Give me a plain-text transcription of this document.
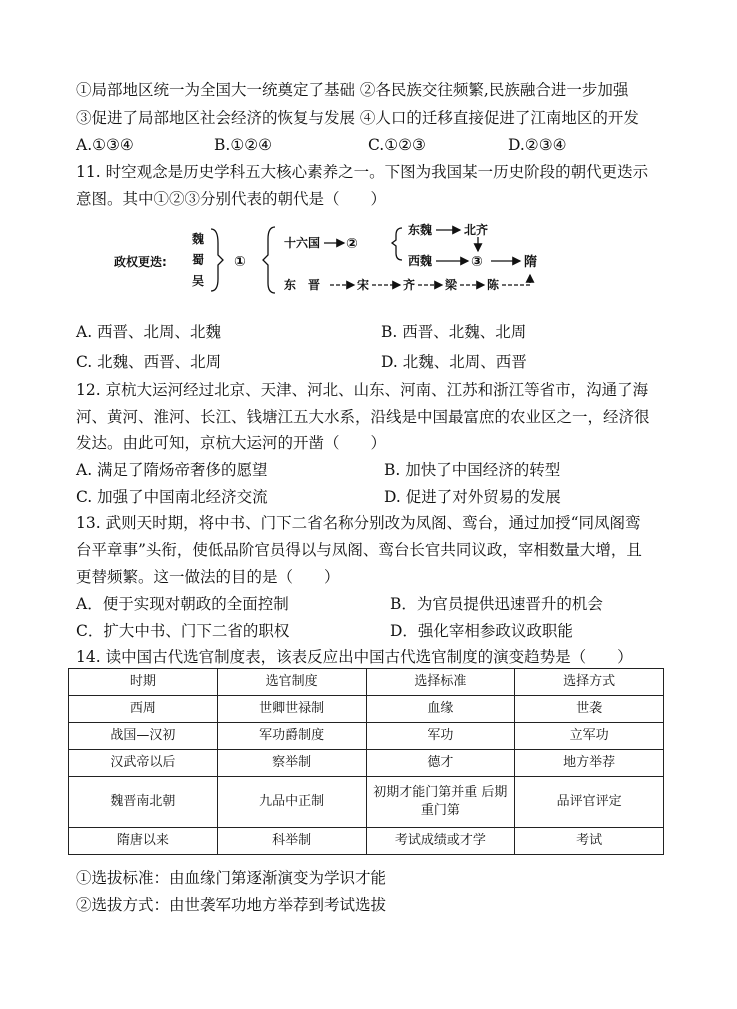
①局部地区统一为全国大一统奠定了基础 ②各民族交往频繁,民族融合进一步加强
③促进了局部地区社会经济的恢复与发展 ④人口的迁移直接促进了江南地区的开发
A.①③④	B.①②④	C.①②③	D.②③④
11. 时空观念是历史学科五大核心素养之一。下图为我国某一历史阶段的朝代更迭示
意图。其中①②③分别代表的朝代是（　　）
政权更迭:
魏
蜀
吴
①
十六国 ②
东魏	北齐
西魏	③	隋
东　晋	宋	齐 梁 陈
A. 西晋、北周、北魏	B. 西晋、北魏、北周
C. 北魏、西晋、北周	D. 北魏、北周、西晋
12. 京杭大运河经过北京、天津、河北、山东、河南、江苏和浙江等省市，沟通了海
河、黄河、淮河、长江、钱塘江五大水系，沿线是中国最富庶的农业区之一，经济很
发达。由此可知，京杭大运河的开凿（　　）
A. 满足了隋炀帝奢侈的愿望	B. 加快了中国经济的转型
C. 加强了中国南北经济交流	D. 促进了对外贸易的发展
13. 武则天时期，将中书、门下二省名称分别改为凤阁、鸾台，通过加授“同凤阁鸾
台平章事”头衔，使低品阶官员得以与凤阁、鸾台长官共同议政，宰相数量大增，且
更替频繁。这一做法的目的是（　　）
A．便于实现对朝政的全面控制	B．为官员提供迅速晋升的机会
C．扩大中书、门下二省的职权	D．强化宰相参政议政职能
14. 读中国古代选官制度表，该表反应出中国古代选官制度的演变趋势是（　　）
时期	选官制度	选择标准	选择方式
西周	世卿世禄制	血缘	世袭
战国—汉初	军功爵制度	军功	立军功
汉武帝以后	察举制	德才	地方举荐
魏晋南北朝	九品中正制	初期才能门第并重 后期重门第	品评官评定
隋唐以来	科举制	考试成绩或才学	考试
①选拔标准：由血缘门第逐渐演变为学识才能
②选拔方式：由世袭军功地方举荐到考试选拔
